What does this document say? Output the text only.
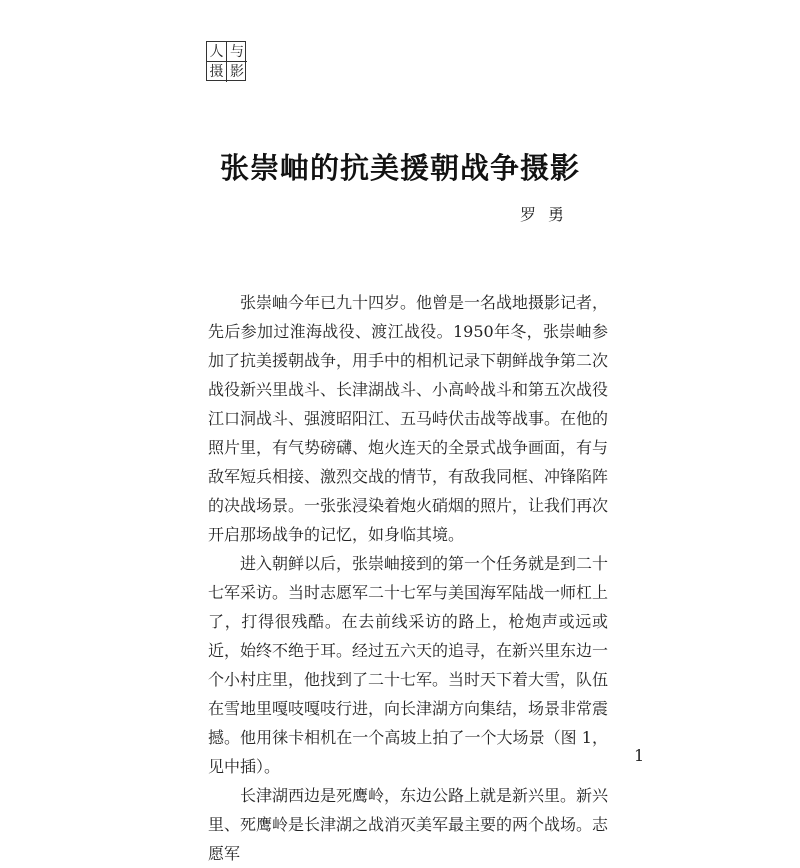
人 与
摄 影
张崇岫的抗美援朝战争摄影
罗勇

张崇岫今年已九十四岁。他曾是一名战地摄影记者，先后参加过淮海战役、渡江战役。1950年冬，张崇岫参加了抗美援朝战争，用手中的相机记录下朝鲜战争第二次战役新兴里战斗、长津湖战斗、小高岭战斗和第五次战役江口洞战斗、强渡昭阳江、五马峙伏击战等战事。在他的照片里，有气势磅礴、炮火连天的全景式战争画面，有与敌军短兵相接、激烈交战的情节，有敌我同框、冲锋陷阵的决战场景。一张张浸染着炮火硝烟的照片，让我们再次开启那场战争的记忆，如身临其境。

进入朝鲜以后，张崇岫接到的第一个任务就是到二十七军采访。当时志愿军二十七军与美国海军陆战一师杠上了，打得很残酷。在去前线采访的路上，枪炮声或远或近，始终不绝于耳。经过五六天的追寻，在新兴里东边一个小村庄里，他找到了二十七军。当时天下着大雪，队伍在雪地里嘎吱嘎吱行进，向长津湖方向集结，场景非常震撼。他用徕卡相机在一个高坡上拍了一个大场景（图 1，见中插）。

长津湖西边是死鹰岭，东边公路上就是新兴里。新兴里、死鹰岭是长津湖之战消灭美军最主要的两个战场。志愿军

1
